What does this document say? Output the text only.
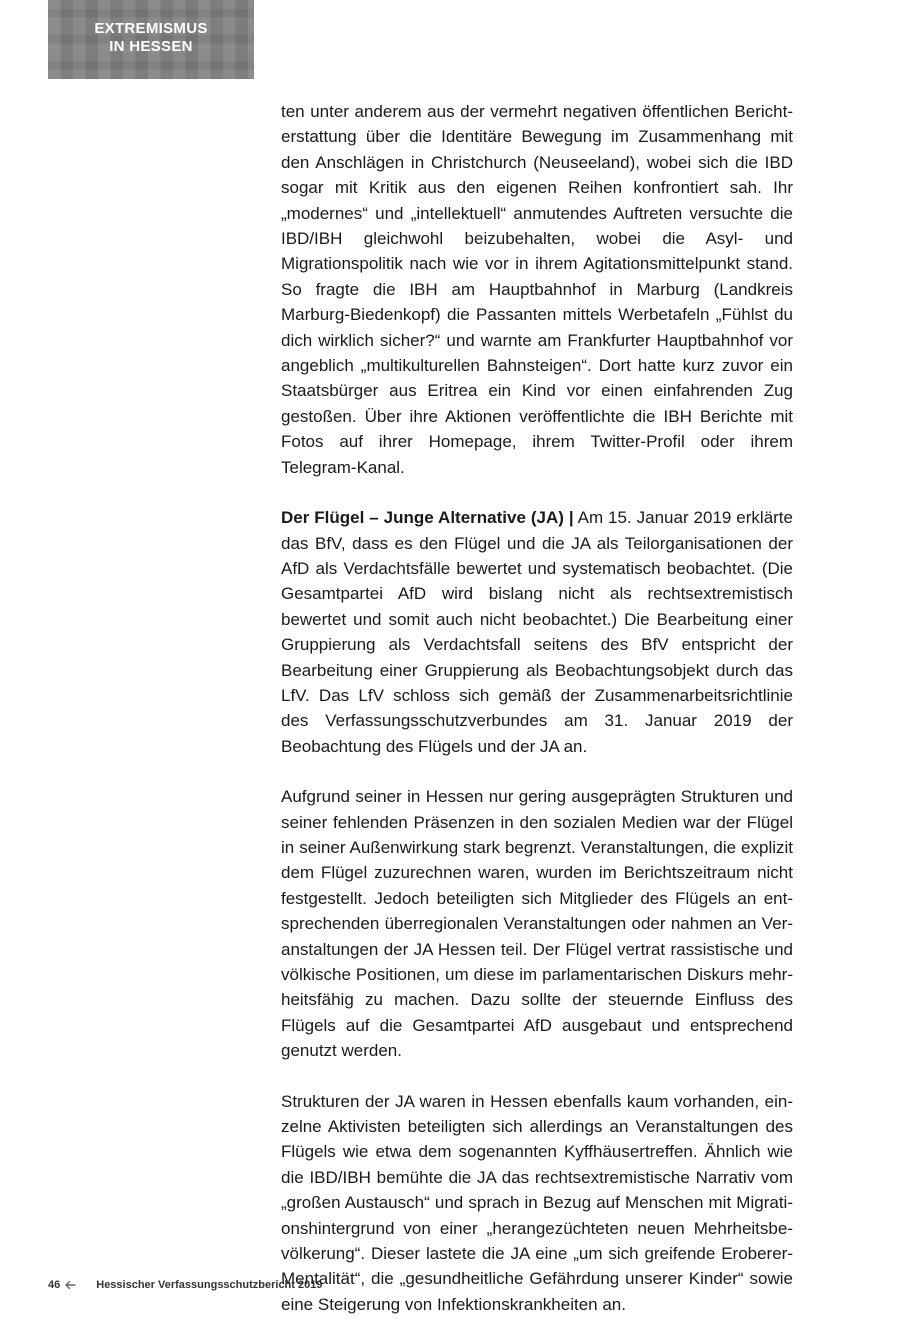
EXTREMISMUS
IN HESSEN

ten unter anderem aus der vermehrt negativen öffentlichen Berichterstattung über die Identitäre Bewegung im Zusammenhang mit den Anschlägen in Christchurch (Neuseeland), wobei sich die IBD sogar mit Kritik aus den eigenen Reihen konfrontiert sah. Ihr „modernes“ und „intellektuell“ anmutendes Auftreten versuchte die IBD/IBH gleichwohl beizubehalten, wobei die Asyl- und Migrationspolitik nach wie vor in ihrem Agitationsmittelpunkt stand. So fragte die IBH am Hauptbahnhof in Marburg (Landkreis Marburg-Biedenkopf) die Passanten mittels Werbetafeln „Fühlst du dich wirklich sicher?“ und warnte am Frankfurter Hauptbahnhof vor angeblich „multikulturellen Bahnsteigen“. Dort hatte kurz zuvor ein Staatsbürger aus Eritrea ein Kind vor einen einfahrenden Zug gestoßen. Über ihre Aktionen veröffentlichte die IBH Berichte mit Fotos auf ihrer Homepage, ihrem Twitter-Profil oder ihrem Telegram-Kanal.

Der Flügel – Junge Alternative (JA) | Am 15. Januar 2019 erklärte das BfV, dass es den Flügel und die JA als Teilorganisationen der AfD als Verdachtsfälle bewertet und systematisch beobachtet. (Die Gesamtpartei AfD wird bislang nicht als rechtsextremistisch bewertet und somit auch nicht beobachtet.) Die Bearbeitung einer Gruppierung als Verdachtsfall seitens des BfV entspricht der Bearbeitung einer Gruppierung als Beobachtungsobjekt durch das LfV. Das LfV schloss sich gemäß der Zusammenarbeitsrichtlinie des Verfassungsschutzverbundes am 31. Januar 2019 der Beobachtung des Flügels und der JA an.

Aufgrund seiner in Hessen nur gering ausgeprägten Strukturen und seiner fehlenden Präsenzen in den sozialen Medien war der Flügel in seiner Außenwirkung stark begrenzt. Veranstaltungen, die explizit dem Flügel zuzurechnen waren, wurden im Berichtszeitraum nicht festgestellt. Jedoch beteiligten sich Mitglieder des Flügels an entsprechenden überregionalen Veranstaltungen oder nahmen an Veranstaltungen der JA Hessen teil. Der Flügel vertrat rassistische und völkische Positionen, um diese im parlamentarischen Diskurs mehrheitsfähig zu machen. Dazu sollte der steuernde Einfluss des Flügels auf die Gesamtpartei AfD ausgebaut und entsprechend genutzt werden.

Strukturen der JA waren in Hessen ebenfalls kaum vorhanden, einzelne Aktivisten beteiligten sich allerdings an Veranstaltungen des Flügels wie etwa dem sogenannten Kyffhäusertreffen. Ähnlich wie die IBD/IBH bemühte die JA das rechtsextremistische Narrativ vom „großen Austausch“ und sprach in Bezug auf Menschen mit Migrationshintergrund von einer „herangezüchteten neuen Mehrheitsbevölkerung“. Dieser lastete die JA eine „um sich greifende Eroberer-Mentalität“, die „gesundheitliche Gefährdung unserer Kinder“ sowie eine Steigerung von Infektionskrankheiten an.

46	Hessischer Verfassungsschutzbericht 2019
